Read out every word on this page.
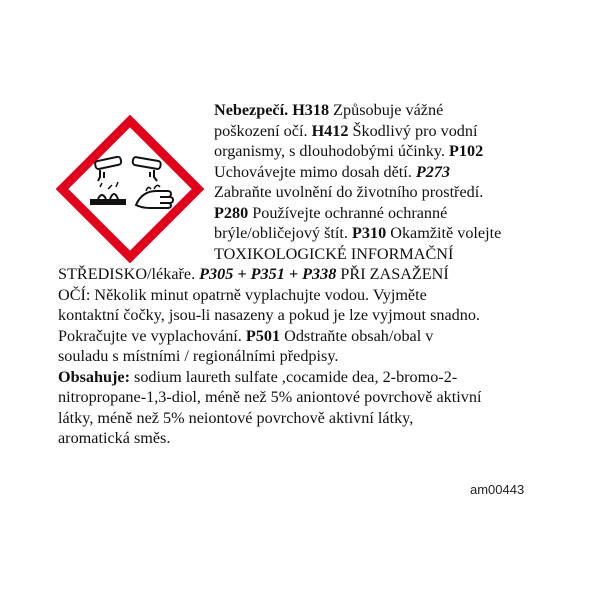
Nebezpečí. H318 Způsobuje vážné
poškození očí. H412 Škodlivý pro vodní
organismy, s dlouhodobými účinky. P102
Uchovávejte mimo dosah dětí. P273
Zabraňte uvolnění do životního prostředí.
P280 Používejte ochranné ochranné
brýle/obličejový štít. P310 Okamžitě volejte
TOXIKOLOGICKÉ INFORMAČNÍ
STŘEDISKO/lékaře. P305 + P351 + P338 PŘI ZASAŽENÍ
OČÍ: Několik minut opatrně vyplachujte vodou. Vyjměte
kontaktní čočky, jsou-li nasazeny a pokud je lze vyjmout snadno.
Pokračujte ve vyplachování. P501 Odstraňte obsah/obal v
souladu s místními / regionálními předpisy.
Obsahuje: sodium laureth sulfate ,cocamide dea, 2-bromo-2-
nitropropane-1,3-diol, méně než 5% aniontové povrchově aktivní
látky, méně než 5% neiontové povrchově aktivní látky,
aromatická směs.
am00443
